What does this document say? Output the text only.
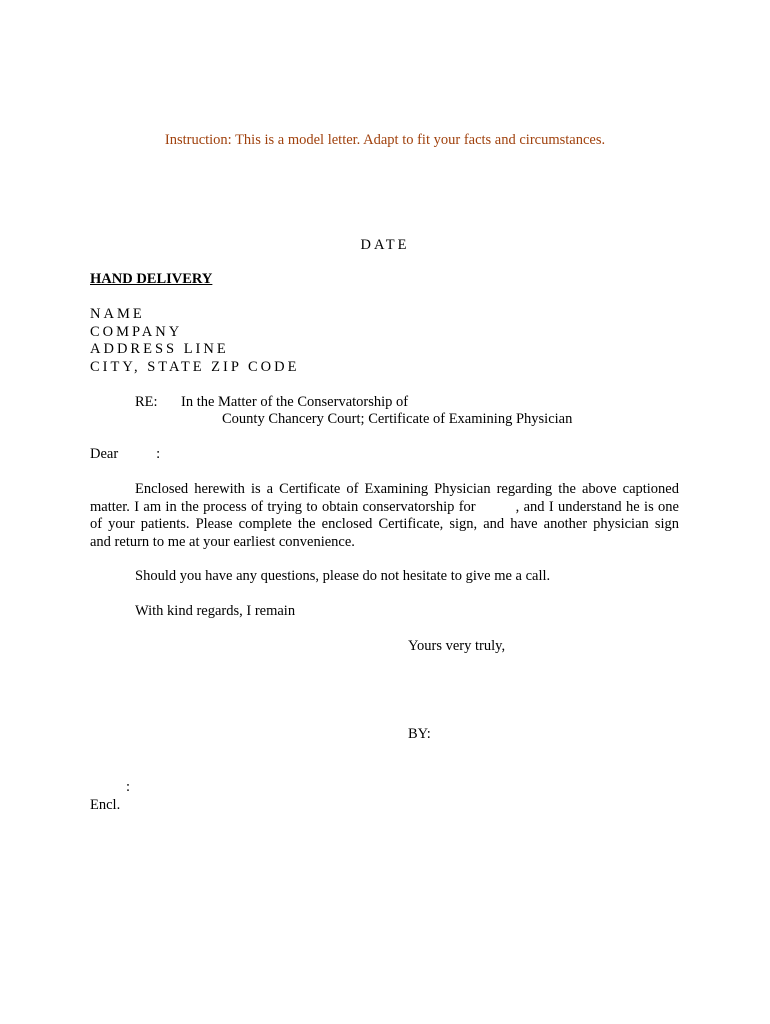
Instruction: This is a model letter. Adapt to fit your facts and circumstances.
DATE
HAND DELIVERY
NAME
COMPANY
ADDRESS LINE
CITY, STATE ZIP CODE
RE: In the Matter of the Conservatorship of
County Chancery Court; Certificate of Examining Physician
Dear	:
Enclosed herewith is a Certificate of Examining Physician regarding the above captioned
matter. I am in the process of trying to obtain conservatorship for	, and I understand he is one
of your patients. Please complete the enclosed Certificate, sign, and have another physician sign
and return to me at your earliest convenience.
Should you have any questions, please do not hesitate to give me a call.
With kind regards, I remain
Yours very truly,
BY:
:
Encl.
